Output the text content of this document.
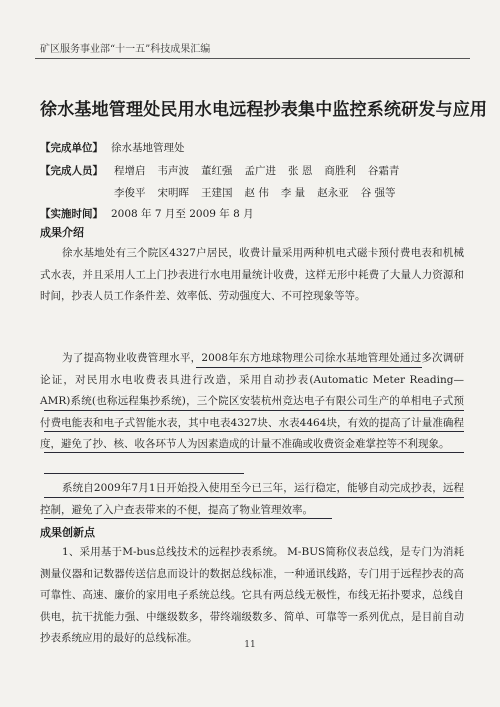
矿区服务事业部“十一五”科技成果汇编
徐水基地管理处民用水电远程抄表集中监控系统研发与应用
【完成单位】 徐水基地管理处
【完成人员】 程增启 韦声波 董红强 孟广进 张 恩 商胜利 谷霜青
李俊平 宋明晖 王建国 赵 伟 李 量 赵永亚 谷 强等
【实施时间】 2008 年 7 月至 2009 年 8 月
成果介绍
徐水基地处有三个院区4327户居民，收费计量采用两种机电式磁卡预付费电表和机械式水表，并且采用人工上门抄表进行水电用量统计收费，这样无形中耗费了大量人力资源和时间，抄表人员工作条件差、效率低、劳动强度大、不可控现象等等。
为了提高物业收费管理水平，2008年东方地球物理公司徐水基地管理处通过多次调研论证，对民用水电收费表具进行改造，采用自动抄表(Automatic Meter Reading—AMR)系统(也称远程集抄系统)，三个院区安装杭州竞达电子有限公司生产的单相电子式预付费电能表和电子式智能水表，其中电表4327块、水表4464块，有效的提高了计量准确程度，避免了抄、核、收各环节人为因素造成的计量不准确或收费资金难掌控等不利现象。
系统自2009年7月1日开始投入使用至今已三年，运行稳定，能够自动完成抄表，远程控制，避免了入户查表带来的不便，提高了物业管理效率。
成果创新点
1、采用基于M-bus总线技术的远程抄表系统。 M-BUS简称仪表总线，是专门为消耗测量仪器和记数器传送信息而设计的数据总线标准，一种通讯线路，专门用于远程抄表的高可靠性、高速、廉价的家用电子系统总线。它具有两总线无极性，布线无拓扑要求，总线自供电，抗干扰能力强、中继级数多，带终端级数多、简单、可靠等一系列优点，是目前自动抄表系统应用的最好的总线标准。
11
